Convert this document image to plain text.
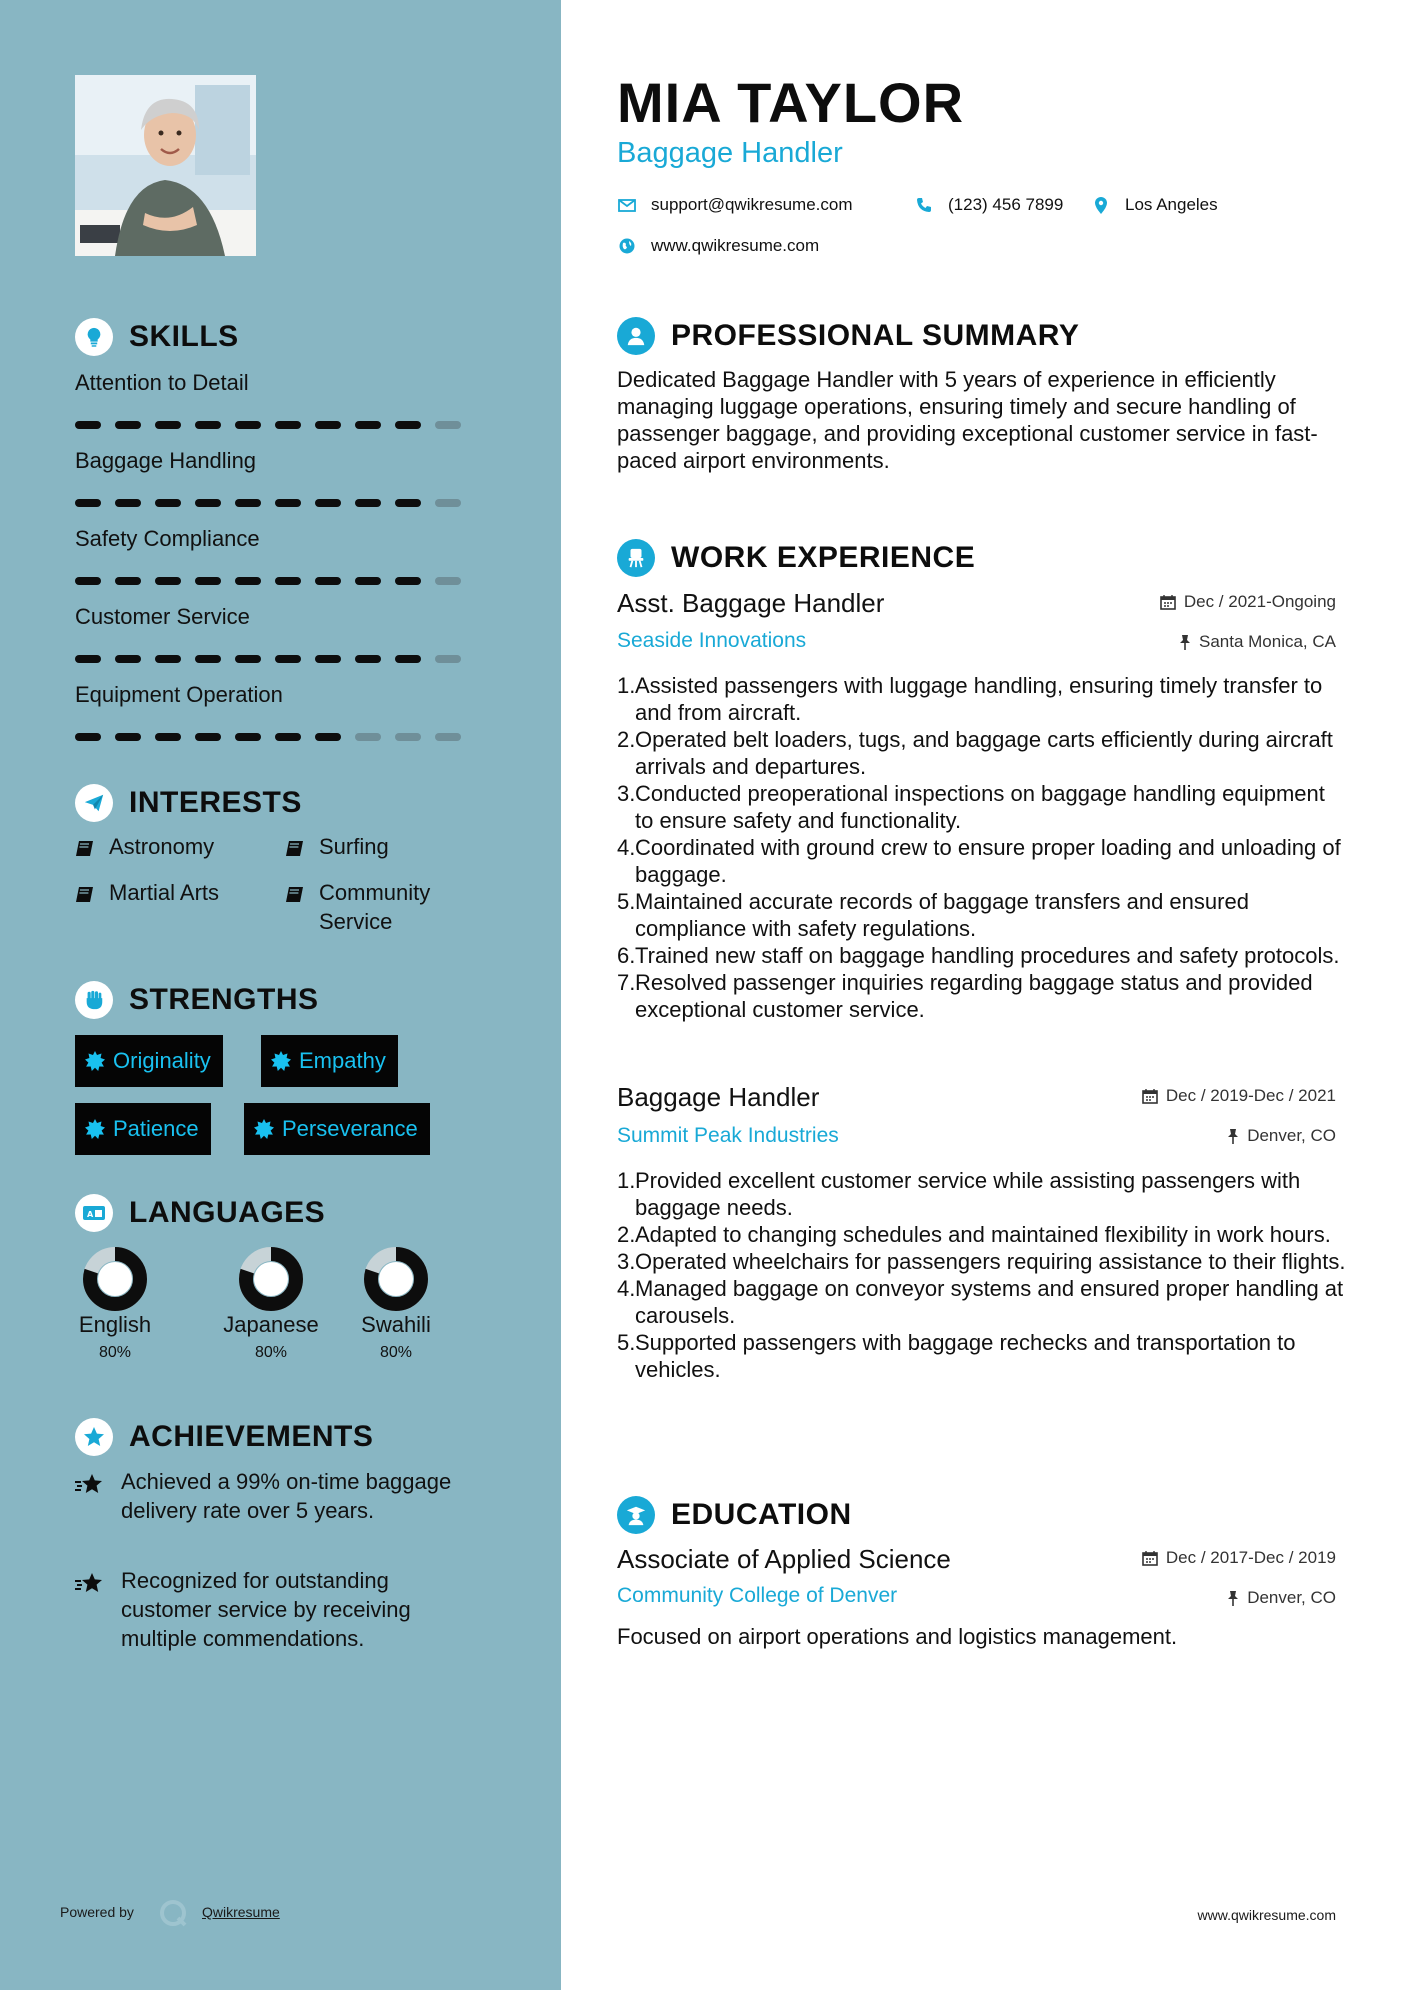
SKILLS
Attention to Detail
Baggage Handling
Safety Compliance
Customer Service
Equipment Operation
INTERESTS
Astronomy	Surfing
Martial Arts	Community Service
STRENGTHS
Originality	Empathy
Patience	Perseverance
A LANGUAGES
English
80%
Japanese
80%
Swahili
80%
ACHIEVEMENTS
Achieved a 99% on-time baggage delivery rate over 5 years.
Recognized for outstanding customer service by receiving multiple commendations.
Powered by	Qwikresume
MIA TAYLOR
Baggage Handler
support@qwikresume.com	(123) 456 7899	Los Angeles
www.qwikresume.com
PROFESSIONAL SUMMARY
Dedicated Baggage Handler with 5 years of experience in efficiently managing luggage operations, ensuring timely and secure handling of passenger baggage, and providing exceptional customer service in fast-paced airport environments.
WORK EXPERIENCE
Asst. Baggage Handler	Dec / 2021-Ongoing
Seaside Innovations	Santa Monica, CA
1. Assisted passengers with luggage handling, ensuring timely transfer to and from aircraft.
2. Operated belt loaders, tugs, and baggage carts efficiently during aircraft arrivals and departures.
3. Conducted preoperational inspections on baggage handling equipment to ensure safety and functionality.
4. Coordinated with ground crew to ensure proper loading and unloading of baggage.
5. Maintained accurate records of baggage transfers and ensured compliance with safety regulations.
6. Trained new staff on baggage handling procedures and safety protocols.
7. Resolved passenger inquiries regarding baggage status and provided exceptional customer service.
Baggage Handler	Dec / 2019-Dec / 2021
Summit Peak Industries	Denver, CO
1. Provided excellent customer service while assisting passengers with baggage needs.
2. Adapted to changing schedules and maintained flexibility in work hours.
3. Operated wheelchairs for passengers requiring assistance to their flights.
4. Managed baggage on conveyor systems and ensured proper handling at carousels.
5. Supported passengers with baggage rechecks and transportation to vehicles.
EDUCATION
Associate of Applied Science	Dec / 2017-Dec / 2019
Community College of Denver	Denver, CO
Focused on airport operations and logistics management.
www.qwikresume.com
